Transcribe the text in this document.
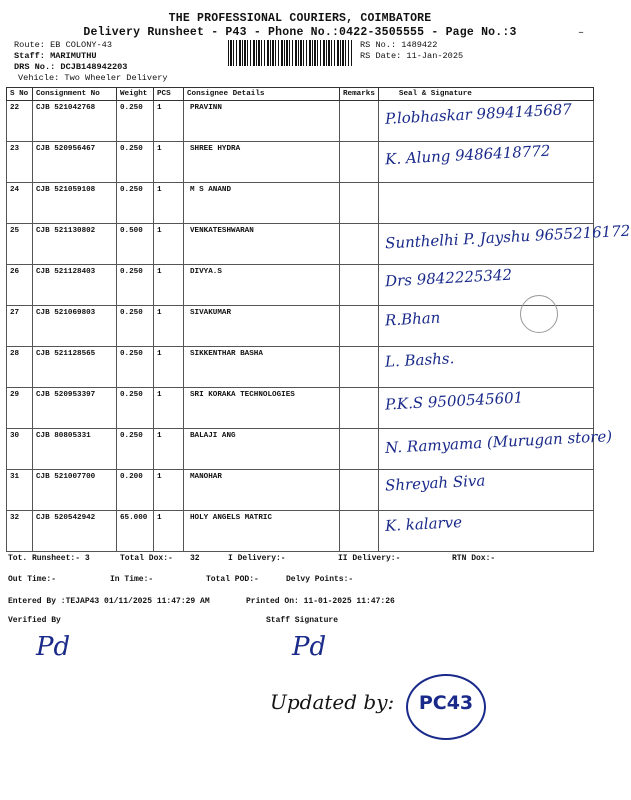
THE PROFESSIONAL COURIERS, COIMBATORE
Delivery Runsheet - P43 - Phone No.:0422-3505555 - Page No.:3	–
Route: EB COLONY-43
Staff: MARIMUTHU
DRS No.: DCJB148942203
Vehicle: Two Wheeler Delivery
RS No.: 1489422
RS Date: 11-Jan-2025
S No	Consignment No	Weight	PCS	Consignee Details	Remarks	Seal & Signature

22	CJB 521042768	0.250	1	PRAVINN		P.lobhaskar 9894145687

23	CJB 520956467	0.250	1	SHREE HYDRA		K. Alung 9486418772

24	CJB 521059108	0.250	1	M S ANAND		

25	CJB 521130802	0.500	1	VENKATESHWARAN		Sunthelhi P. Jayshu 9655216172

26	CJB 521128403	0.250	1	DIVYA.S		Drs 9842225342

27	CJB 521069803	0.250	1	SIVAKUMAR		R.Bhan

28	CJB 521128565	0.250	1	SIKKENTHAR BASHA		L. Bashs.

29	CJB 520953397	0.250	1	SRI KORAKA TECHNOLOGIES		P.K.S 9500545601

30	CJB 80805331	0.250	1	BALAJI ANG		N. Ramyama (Murugan store)

31	CJB 521007700	0.200	1	MANOHAR		Shreyah Siva

32	CJB 520542942	65.000	1	HOLY ANGELS MATRIC		K. kalarve
Tot. Runsheet:- 3	Total Dox:- 32	I Delivery:-	II Delivery:-	RTN Dox:-
Out Time:-	In Time:-	Total POD:-	Delvy Points:-
Entered By :TEJAP43 01/11/2025 11:47:29 AM	Printed On: 11-01-2025 11:47:26
Verified By	Staff Signature
Pd	Pd
Updated by:	PC43
